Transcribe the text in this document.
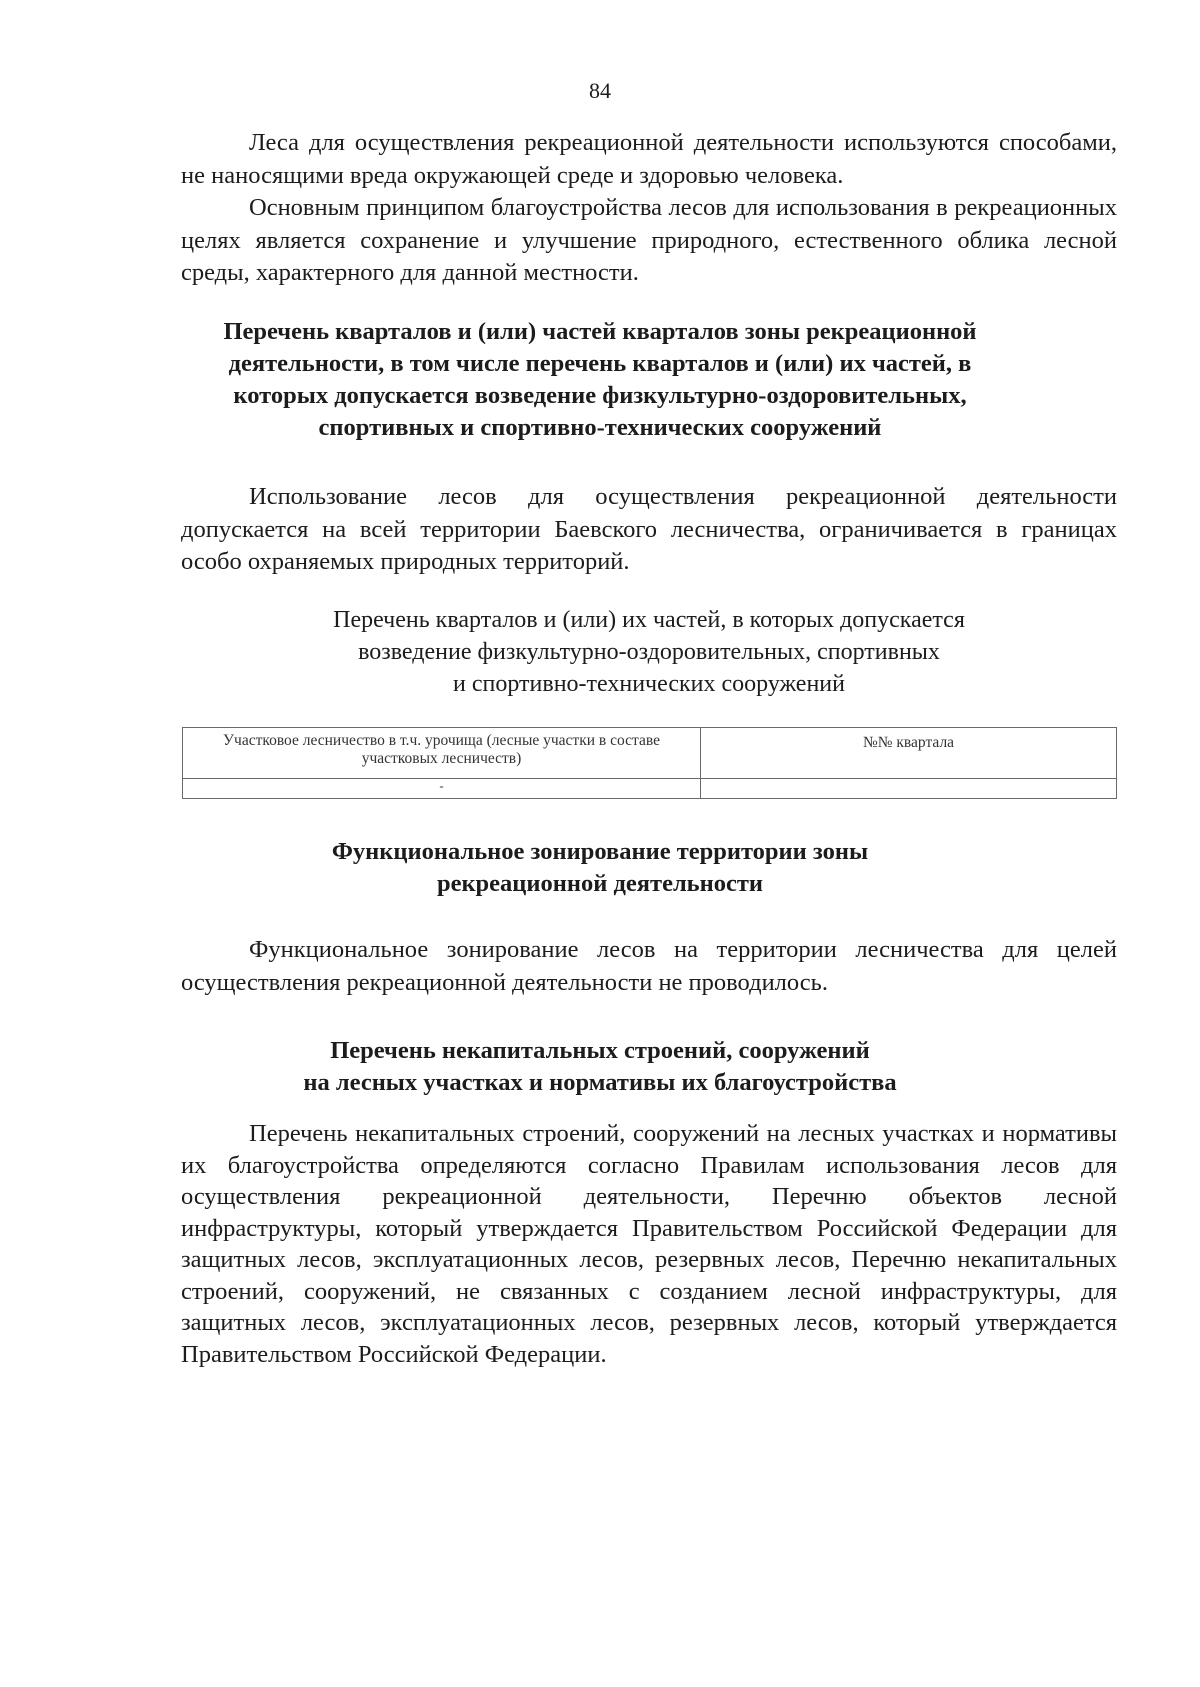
84

Леса для осуществления рекреационной деятельности используются способами, не наносящими вреда окружающей среде и здоровью человека.

Основным принципом благоустройства лесов для использования в рекреационных целях является сохранение и улучшение природного, естественного облика лесной среды, характерного для данной местности.

Перечень кварталов и (или) частей кварталов зоны рекреационной
деятельности, в том числе перечень кварталов и (или) их частей, в
которых допускается возведение физкультурно-оздоровительных,
спортивных и спортивно-технических сооружений

Использование лесов для осуществления рекреационной деятельности допускается на всей территории Баевского лесничества, ограничивается в границах особо охраняемых природных территорий.

Перечень кварталов и (или) их частей, в которых допускается
возведение физкультурно-оздоровительных, спортивных
и спортивно-технических сооружений
Участковое лесничество в т.ч. урочища (лесные участки в составе участковых лесничеств)	№№ квартала
-	
Функциональное зонирование территории зоны
рекреационной деятельности

Функциональное зонирование лесов на территории лесничества для целей осуществления рекреационной деятельности не проводилось.

Перечень некапитальных строений, сооружений
на лесных участках и нормативы их благоустройства

Перечень некапитальных строений, сооружений на лесных участках и нормативы их благоустройства определяются согласно Правилам использования лесов для осуществления рекреационной деятельности, Перечню объектов лесной инфраструктуры, который утверждается Правительством Российской Федерации для защитных лесов, эксплуатационных лесов, резервных лесов, Перечню некапитальных строений, сооружений, не связанных с созданием лесной инфраструктуры, для защитных лесов, эксплуатационных лесов, резервных лесов, который утверждается Правительством Российской Федерации.
